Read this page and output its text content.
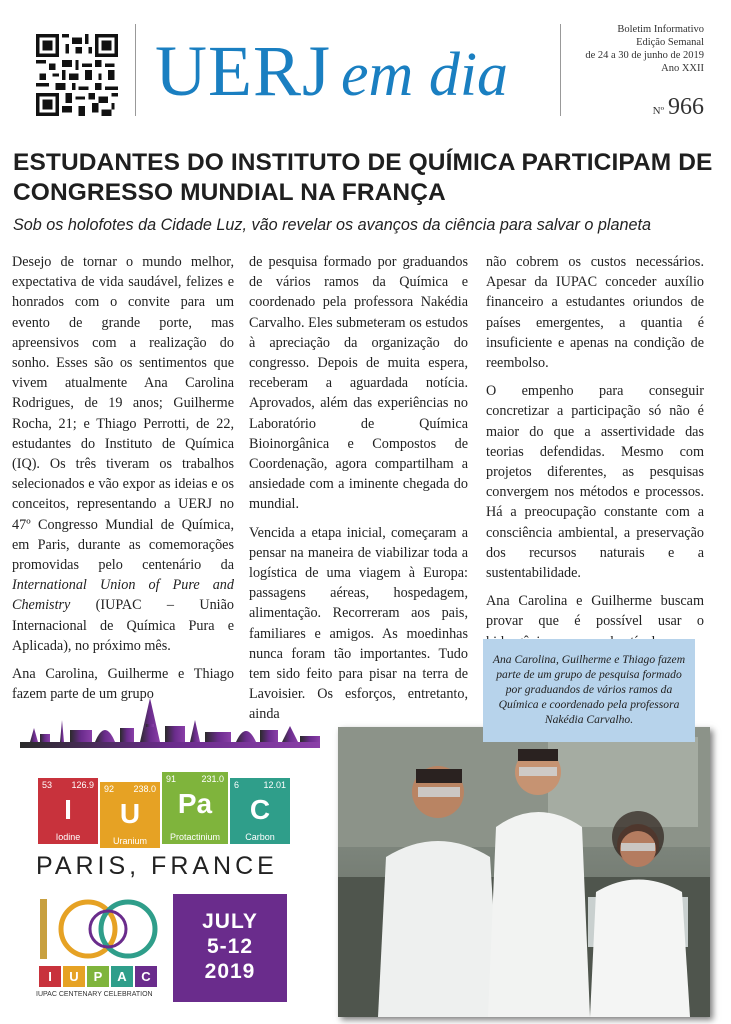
UERJ em dia
Boletim Informativo
Edição Semanal
de 24 a 30 de junho de 2019
Ano XXII
Nº 966
ESTUDANTES DO INSTITUTO DE QUÍMICA PARTICIPAM DE CONGRESSO MUNDIAL NA FRANÇA
Sob os holofotes da Cidade Luz, vão revelar os avanços da ciência para salvar o planeta

Desejo de tornar o mundo melhor, expectativa de vida saudável, felizes e honrados com o convite para um evento de grande porte, mas apreensivos com a realização do sonho. Esses são os sentimentos que vivem atualmente Ana Carolina Rodrigues, de 19 anos; Guilherme Rocha, 21; e Thiago Perrotti, de 22, estudantes do Instituto de Química (IQ). Os três tiveram os trabalhos selecionados e vão expor as ideias e os conceitos, representando a UERJ no 47º Congresso Mundial de Química, em Paris, durante as comemorações promovidas pelo centenário da International Union of Pure and Chemistry (IUPAC – União Internacional de Química Pura e Aplicada), no próximo mês.

Ana Carolina, Guilherme e Thiago fazem parte de um grupo

de pesquisa formado por graduandos de vários ramos da Química e coordenado pela professora Nakédia Carvalho. Eles submeteram os estudos à apreciação da organização do congresso. Depois de muita espera, receberam a aguardada notícia. Aprovados, além das experiências no Laboratório de Química Bioinorgânica e Compostos de Coordenação, agora compartilham a ansiedade com a iminente chegada do mundial.

Vencida a etapa inicial, começaram a pensar na maneira de viabilizar toda a logística de uma viagem à Europa: passagens aéreas, hospedagem, alimentação. Recorreram aos pais, familiares e amigos. As moedinhas nunca foram tão importantes. Tudo tem sido feito para pisar na terra de Lavoisier. Os esforços, entretanto, ainda

não cobrem os custos necessários. Apesar da IUPAC conceder auxílio financeiro a estudantes oriundos de países emergentes, a quantia é insuficiente e apenas na condição de reembolso.

O empenho para conseguir concretizar a participação só não é maior do que a assertividade das teorias defendidas. Mesmo com projetos diferentes, as pesquisas convergem nos métodos e processos. Há a preocupação constante com a consciência ambiental, a preservação dos recursos naturais e a sustentabilidade.

Ana Carolina e Guilherme buscam provar que é possível usar o

53 126.9
I
Iodine
92 238.0
U
Uranium
91	231.0
Pa
Protactinium
6	12.01
C
Carbon
PARIS, FRANCE
I	U	P	A	C
IUPAC CENTENARY CELEBRATION
JULY
5-12
2019
Ana Carolina, Guilherme e Thiago fazem parte de um grupo de pesquisa formado por graduandos de vários ramos da Química e coordenado pela professora Nakédia Carvalho.
